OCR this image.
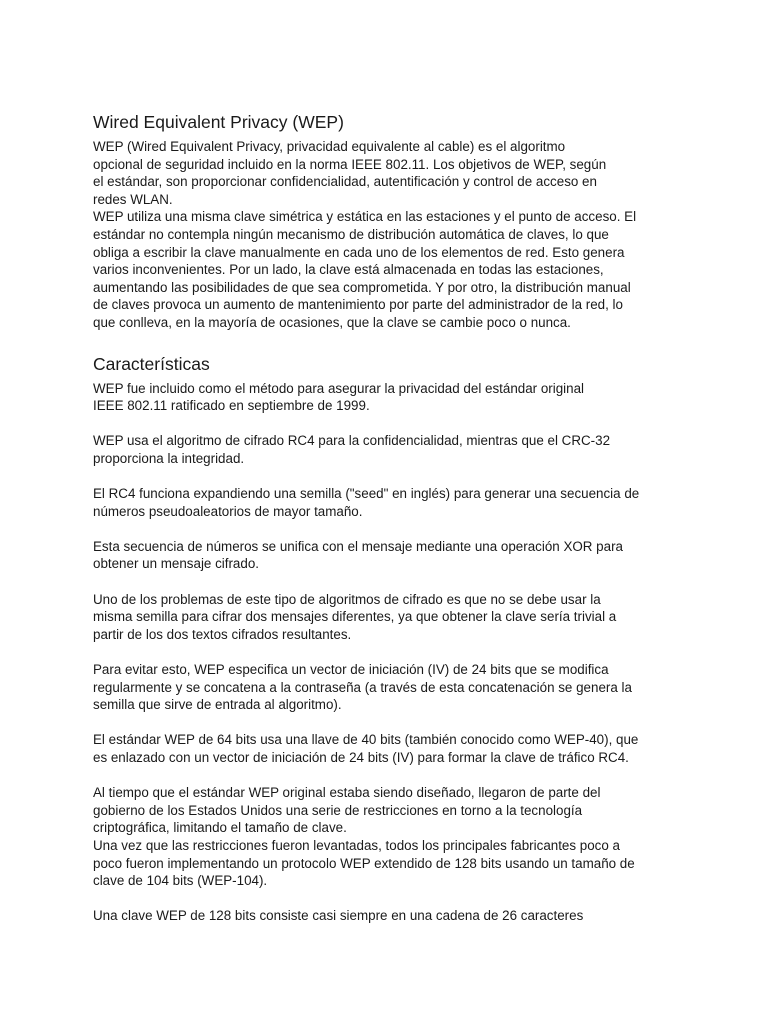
Wired Equivalent Privacy (WEP)

WEP (Wired Equivalent Privacy, privacidad equivalente al cable) es el algoritmo

opcional de seguridad incluido en la norma IEEE 802.11. Los objetivos de WEP, según

el estándar, son proporcionar confidencialidad, autentificación y control de acceso en

redes WLAN.

WEP utiliza una misma clave simétrica y estática en las estaciones y el punto de acceso. El

estándar no contempla ningún mecanismo de distribución automática de claves, lo que

obliga a escribir la clave manualmente en cada uno de los elementos de red. Esto genera

varios inconvenientes. Por un lado, la clave está almacenada en todas las estaciones,

aumentando las posibilidades de que sea comprometida. Y por otro, la distribución manual

de claves provoca un aumento de mantenimiento por parte del administrador de la red, lo

que conlleva, en la mayoría de ocasiones, que la clave se cambie poco o nunca.

Características

WEP fue incluido como el método para asegurar la privacidad del estándar original

IEEE 802.11 ratificado en septiembre de 1999.

WEP usa el algoritmo de cifrado RC4 para la confidencialidad, mientras que el CRC-32

proporciona la integridad.

El RC4 funciona expandiendo una semilla ("seed" en inglés) para generar una secuencia de

números pseudoaleatorios de mayor tamaño.

Esta secuencia de números se unifica con el mensaje mediante una operación XOR para

obtener un mensaje cifrado.

Uno de los problemas de este tipo de algoritmos de cifrado es que no se debe usar la

misma semilla para cifrar dos mensajes diferentes, ya que obtener la clave sería trivial a

partir de los dos textos cifrados resultantes.

Para evitar esto, WEP especifica un vector de iniciación (IV) de 24 bits que se modifica

regularmente y se concatena a la contraseña (a través de esta concatenación se genera la

semilla que sirve de entrada al algoritmo).

El estándar WEP de 64 bits usa una llave de 40 bits (también conocido como WEP-40), que

es enlazado con un vector de iniciación de 24 bits (IV) para formar la clave de tráfico RC4.

Al tiempo que el estándar WEP original estaba siendo diseñado, llegaron de parte del

gobierno de los Estados Unidos una serie de restricciones en torno a la tecnología

criptográfica, limitando el tamaño de clave.

Una vez que las restricciones fueron levantadas, todos los principales fabricantes poco a

poco fueron implementando un protocolo WEP extendido de 128 bits usando un tamaño de

clave de 104 bits (WEP-104).

Una clave WEP de 128 bits consiste casi siempre en una cadena de 26 caracteres
